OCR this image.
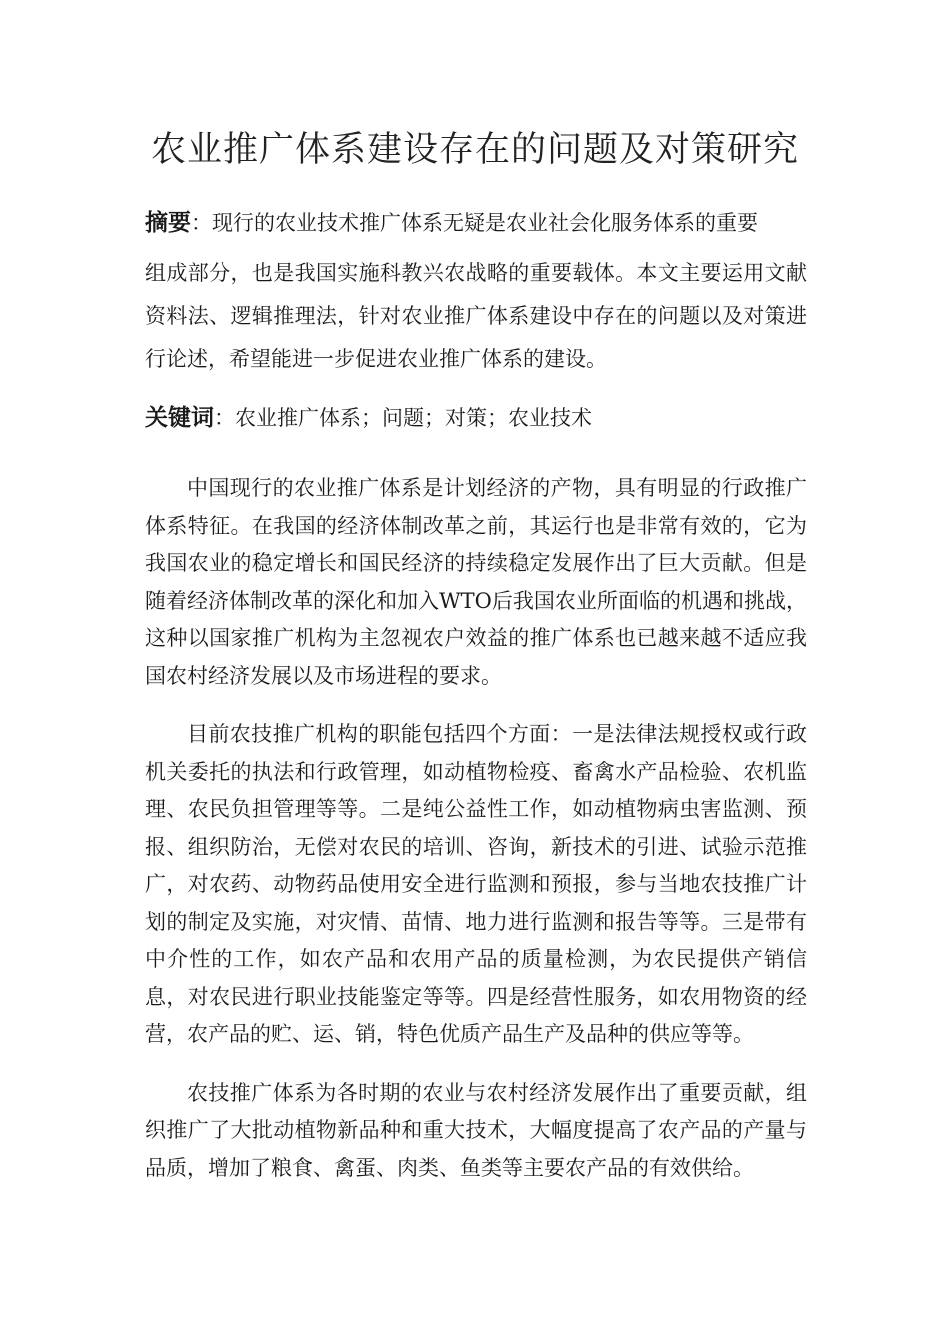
农业推广体系建设存在的问题及对策研究
摘要：现行的农业技术推广体系无疑是农业社会化服务体系的重要
组成部分，也是我国实施科教兴农战略的重要载体。本文主要运用文献资料法、逻辑推理法，针对农业推广体系建设中存在的问题以及对策进行论述，希望能进一步促进农业推广体系的建设。
关键词：农业推广体系；问题；对策；农业技术

中国现行的农业推广体系是计划经济的产物，具有明显的行政推广体系特征。在我国的经济体制改革之前，其运行也是非常有效的，它为我国农业的稳定增长和国民经济的持续稳定发展作出了巨大贡献。但是随着经济体制改革的深化和加入WTO后我国农业所面临的机遇和挑战，这种以国家推广机构为主忽视农户效益的推广体系也已越来越不适应我国农村经济发展以及市场进程的要求。

目前农技推广机构的职能包括四个方面：一是法律法规授权或行政机关委托的执法和行政管理，如动植物检疫、畜禽水产品检验、农机监理、农民负担管理等等。二是纯公益性工作，如动植物病虫害监测、预报、组织防治，无偿对农民的培训、咨询，新技术的引进、试验示范推广，对农药、动物药品使用安全进行监测和预报，参与当地农技推广计划的制定及实施，对灾情、苗情、地力进行监测和报告等等。三是带有中介性的工作，如农产品和农用产品的质量检测，为农民提供产销信息，对农民进行职业技能鉴定等等。四是经营性服务，如农用物资的经营，农产品的贮、运、销，特色优质产品生产及品种的供应等等。

农技推广体系为各时期的农业与农村经济发展作出了重要贡献，组织推广了大批动植物新品种和重大技术，大幅度提高了农产品的产量与品质，增加了粮食、禽蛋、肉类、鱼类等主要农产品的有效供给。
